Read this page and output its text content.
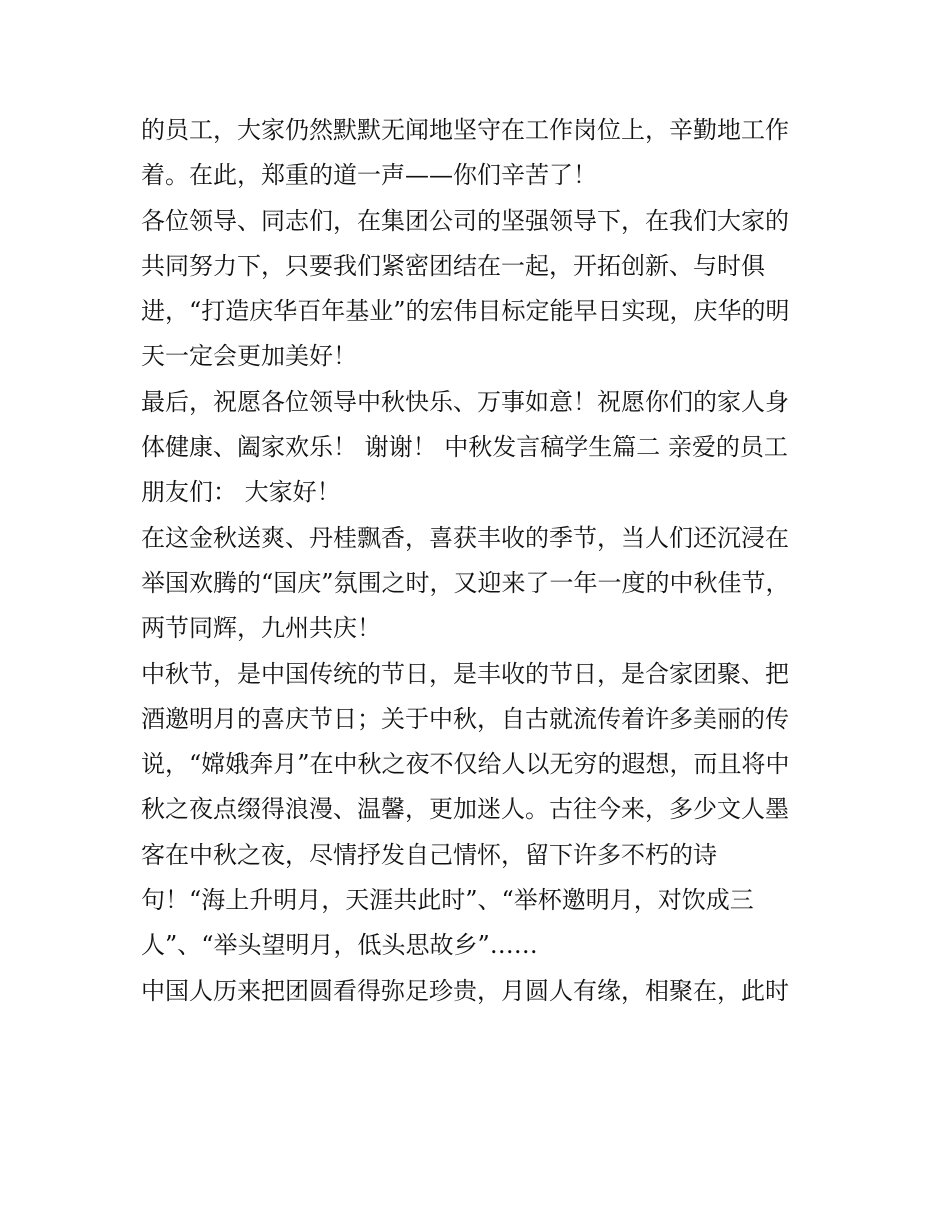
的员工，大家仍然默默无闻地坚守在工作岗位上，辛勤地工作
着。在此，郑重的道一声——你们辛苦了！
各位领导、同志们，在集团公司的坚强领导下，在我们大家的
共同努力下，只要我们紧密团结在一起，开拓创新、与时俱
进，“打造庆华百年基业”的宏伟目标定能早日实现，庆华的明
天一定会更加美好！
最后，祝愿各位领导中秋快乐、万事如意！祝愿你们的家人身
体健康、阖家欢乐！ 谢谢！ 中秋发言稿学生篇二 亲爱的员工
朋友们： 大家好！
在这金秋送爽、丹桂飘香，喜获丰收的季节，当人们还沉浸在
举国欢腾的“国庆”氛围之时，又迎来了一年一度的中秋佳节，
两节同辉，九州共庆！
中秋节，是中国传统的节日，是丰收的节日，是合家团聚、把
酒邀明月的喜庆节日；关于中秋，自古就流传着许多美丽的传
说，“嫦娥奔月”在中秋之夜不仅给人以无穷的遐想，而且将中
秋之夜点缀得浪漫、温馨，更加迷人。古往今来，多少文人墨
客在中秋之夜，尽情抒发自己情怀，留下许多不朽的诗
句！“海上升明月，天涯共此时”、“举杯邀明月，对饮成三
人”、“举头望明月，低头思故乡”……
中国人历来把团圆看得弥足珍贵，月圆人有缘，相聚在，此时
